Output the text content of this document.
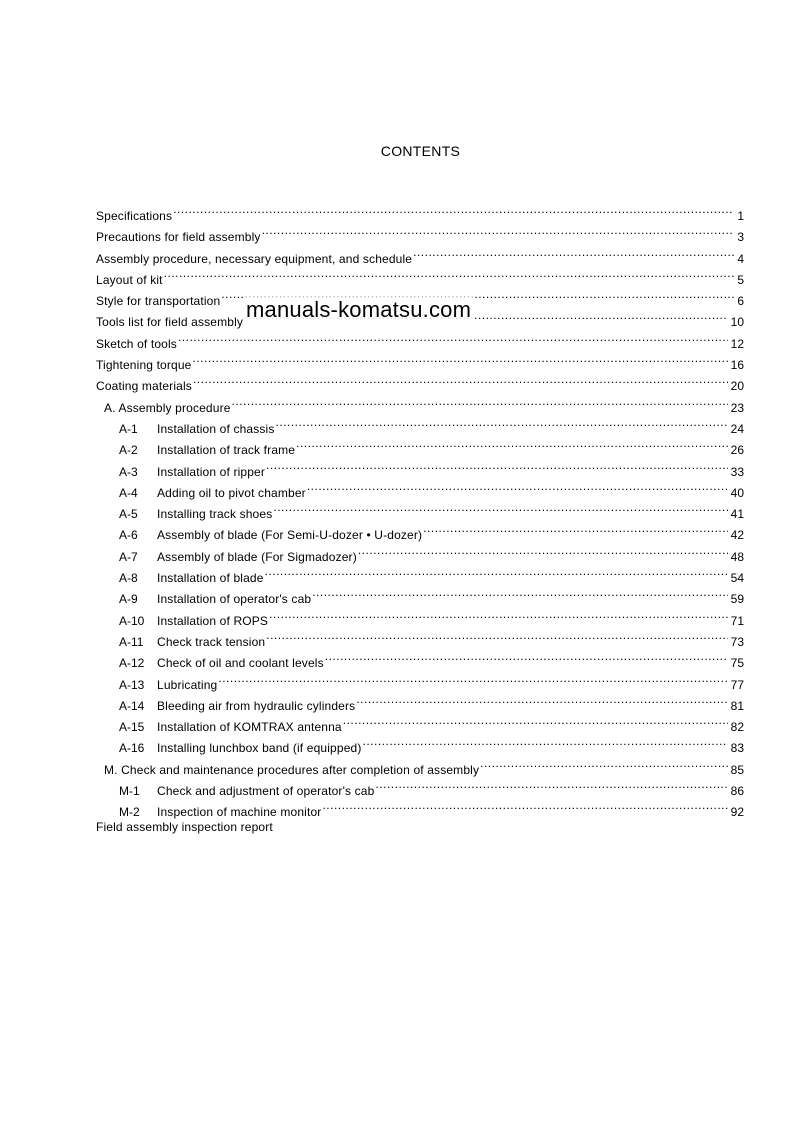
CONTENTS
Specifications .....	1
Precautions for field assembly .....	3
Assembly procedure, necessary equipment, and schedule .....	4
Layout of kit .....	5
Style for transportation .....	6
Tools list for field assembly .....	10
Sketch of tools .....	12
Tightening torque .....	16
Coating materials .....	20
A. Assembly procedure .....	23
A-1	Installation of chassis .....	24
A-2	Installation of track frame .....	26
A-3	Installation of ripper .....	33
A-4	Adding oil to pivot chamber .....	40
A-5	Installing track shoes .....	41
A-6	Assembly of blade (For Semi-U-dozer • U-dozer) .....	42
A-7	Assembly of blade (For Sigmadozer) .....	48
A-8	Installation of blade .....	54
A-9	Installation of operator's cab .....	59
A-10	Installation of ROPS .....	71
A-11	Check track tension .....	73
A-12	Check of oil and coolant levels .....	75
A-13	Lubricating .....	77
A-14	Bleeding air from hydraulic cylinders .....	81
A-15	Installation of KOMTRAX antenna .....	82
A-16	Installing lunchbox band (if equipped) .....	83
M. Check and maintenance procedures after completion of assembly .....	85
M-1	Check and adjustment of operator's cab .....	86
M-2	Inspection of machine monitor .....	92
Field assembly inspection report
manuals-komatsu.com
